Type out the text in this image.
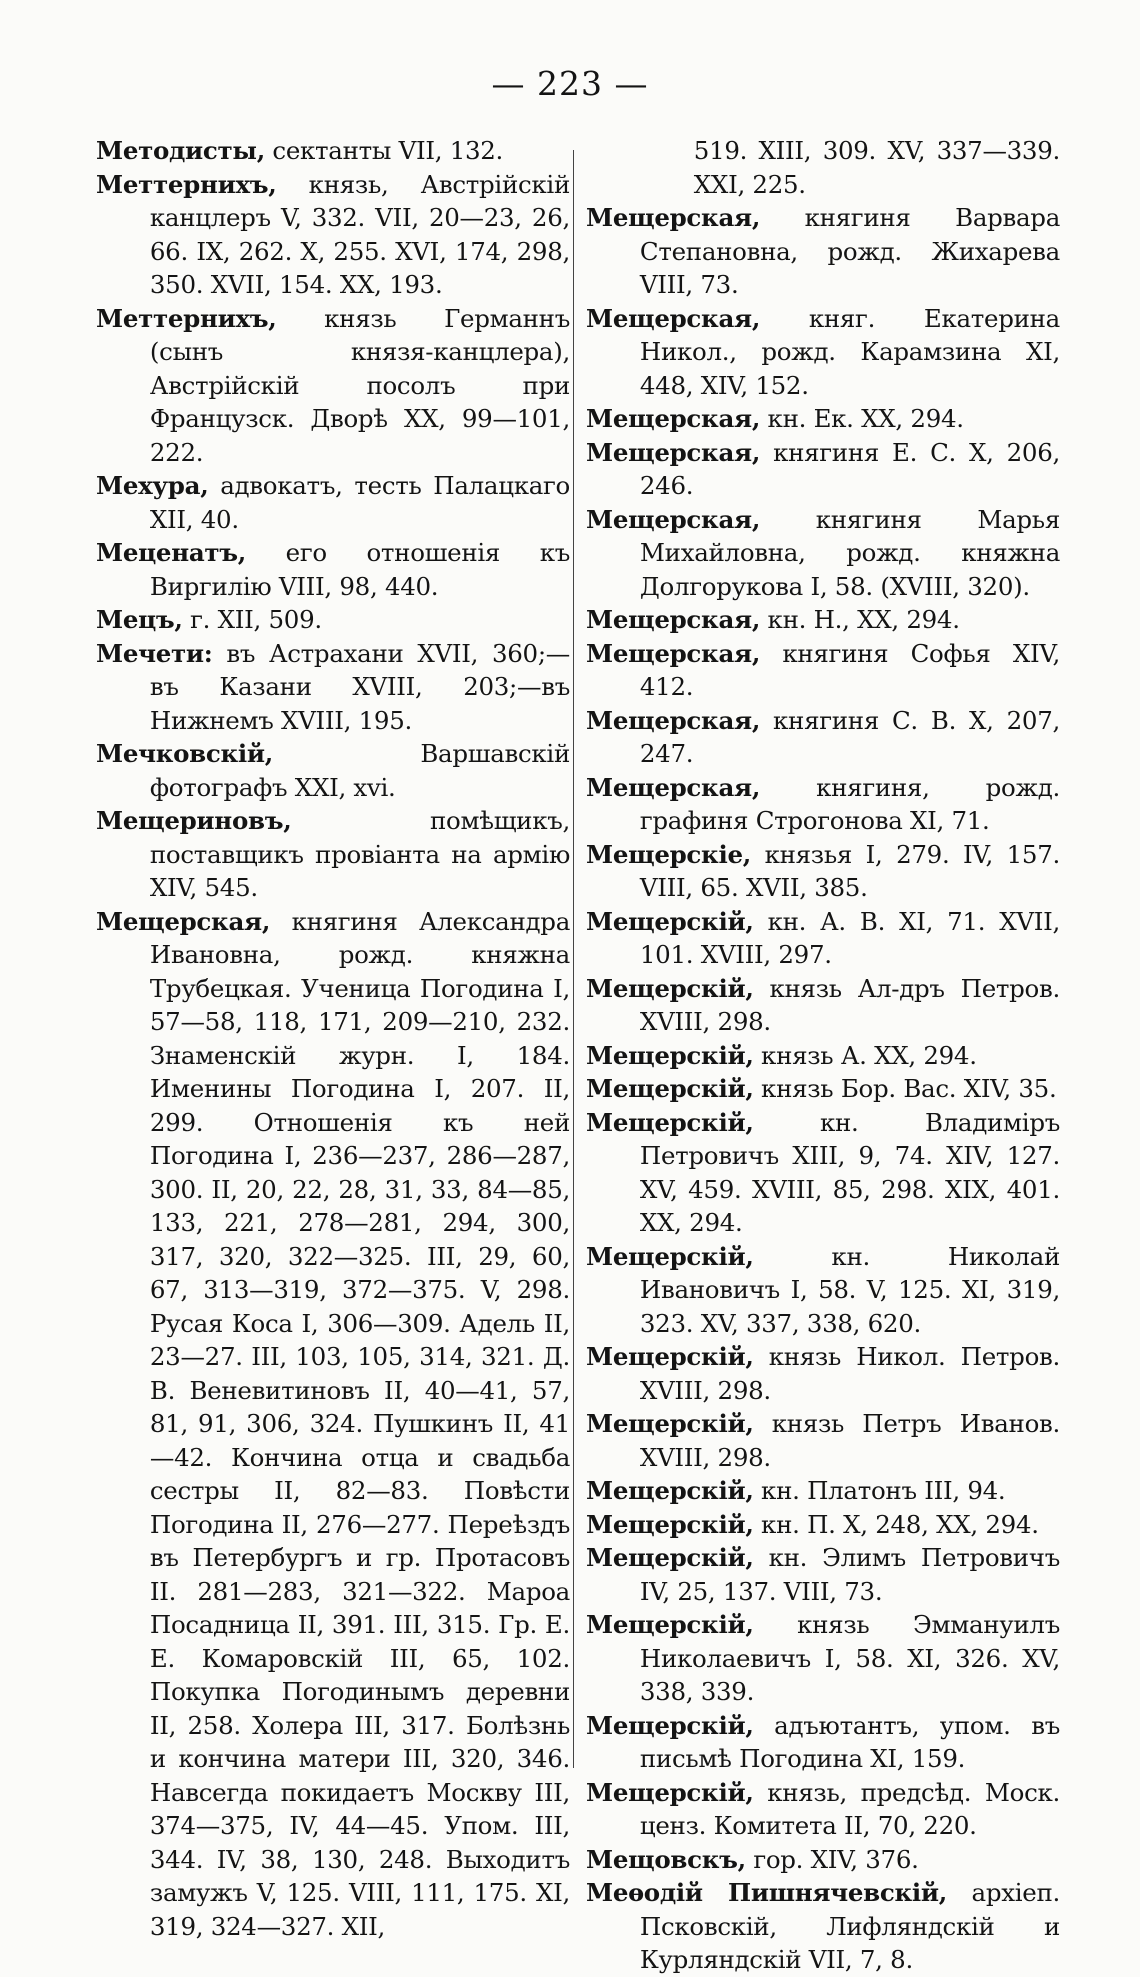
— 223 —
Методисты, сектанты VII, 132.
Меттернихъ, князь, Австрійскій канцлеръ V, 332. VII, 20—23, 26, 66. IX, 262. X, 255. XVI, 174, 298, 350. XVII, 154. XX, 193.
Меттернихъ, князь Германнъ (сынъ князя-канцлера), Австрійскій посолъ при Французск. Дворѣ XX, 99—101, 222.
Мехура, адвокатъ, тесть Палацкаго XII, 40.
Меценатъ, его отношенія къ Виргилію VIII, 98, 440.
Мецъ, г. XII, 509.
Мечети: въ Астрахани XVII, 360;—въ Казани XVIII, 203;—въ Нижнемъ XVIII, 195.
Мечковскій, Варшавскій фотографъ XXI, xvi.
Мещериновъ, помѣщикъ, поставщикъ провіанта на армію XIV, 545.
Мещерская, княгиня Александра Ивановна, рожд. княжна Трубецкая. Ученица Погодина I, 57—58, 118, 171, 209—210, 232. Знаменскій журн. I, 184. Именины Погодина I, 207. II, 299. Отношенія къ ней Погодина I, 236—237, 286—287, 300. II, 20, 22, 28, 31, 33, 84—85, 133, 221, 278—281, 294, 300, 317, 320, 322—325. III, 29, 60, 67, 313—319, 372—375. V, 298. Русая Коса I, 306—309. Адель II, 23—27. III, 103, 105, 314, 321. Д. В. Веневитиновъ II, 40—41, 57, 81, 91, 306, 324. Пушкинъ II, 41—42. Кончина отца и свадьба сестры II, 82—83. Повѣсти Погодина II, 276—277. Переѣздъ въ Петербургъ и гр. Протасовъ II. 281—283, 321—322. Мароа Посадница II, 391. III, 315. Гр. Е. Е. Комаровскій III, 65, 102. Покупка Погодинымъ деревни II, 258. Холера III, 317. Болѣзнь и кончина матери III, 320, 346. Навсегда покидаетъ Москву III, 374—375, IV, 44—45. Упом. III, 344. IV, 38, 130, 248. Выходитъ замужъ V, 125. VIII, 111, 175. XI, 319, 324—327. XII,
519. XIII, 309. XV, 337—339. XXI, 225.
Мещерская, княгиня Варвара Степановна, рожд. Жихарева VIII, 73.
Мещерская, княг. Екатерина Никол., рожд. Карамзина XI, 448, XIV, 152.
Мещерская, кн. Ек. XX, 294.
Мещерская, княгиня Е. С. X, 206, 246.
Мещерская, княгиня Марья Михайловна, рожд. княжна Долгорукова I, 58. (XVIII, 320).
Мещерская, кн. Н., XX, 294.
Мещерская, княгиня Софья XIV, 412.
Мещерская, княгиня С. В. X, 207, 247.
Мещерская, княгиня, рожд. графиня Строгонова XI, 71.
Мещерскіе, князья I, 279. IV, 157. VIII, 65. XVII, 385.
Мещерскій, кн. А. В. XI, 71. XVII, 101. XVIII, 297.
Мещерскій, князь Ал-дръ Петров. XVIII, 298.
Мещерскій, князь А. XX, 294.
Мещерскій, князь Бор. Вас. XIV, 35.
Мещерскій, кн. Владиміръ Петровичъ XIII, 9, 74. XIV, 127. XV, 459. XVIII, 85, 298. XIX, 401. XX, 294.
Мещерскій, кн. Николай Ивановичъ I, 58. V, 125. XI, 319, 323. XV, 337, 338, 620.
Мещерскій, князь Никол. Петров. XVIII, 298.
Мещерскій, князь Петръ Иванов. XVIII, 298.
Мещерскій, кн. Платонъ III, 94.
Мещерскій, кн. П. X, 248, XX, 294.
Мещерскій, кн. Элимъ Петровичъ IV, 25, 137. VIII, 73.
Мещерскій, князь Эммануилъ Николаевичъ I, 58. XI, 326. XV, 338, 339.
Мещерскій, адъютантъ, упом. въ письмѣ Погодина XI, 159.
Мещерскій, князь, предсѣд. Моск. ценз. Комитета II, 70, 220.
Мещовскъ, гор. XIV, 376.
Меѳодій Пишнячевскій, архіеп. Псковскій, Лифляндскій и Курляндскій VII, 7, 8.
